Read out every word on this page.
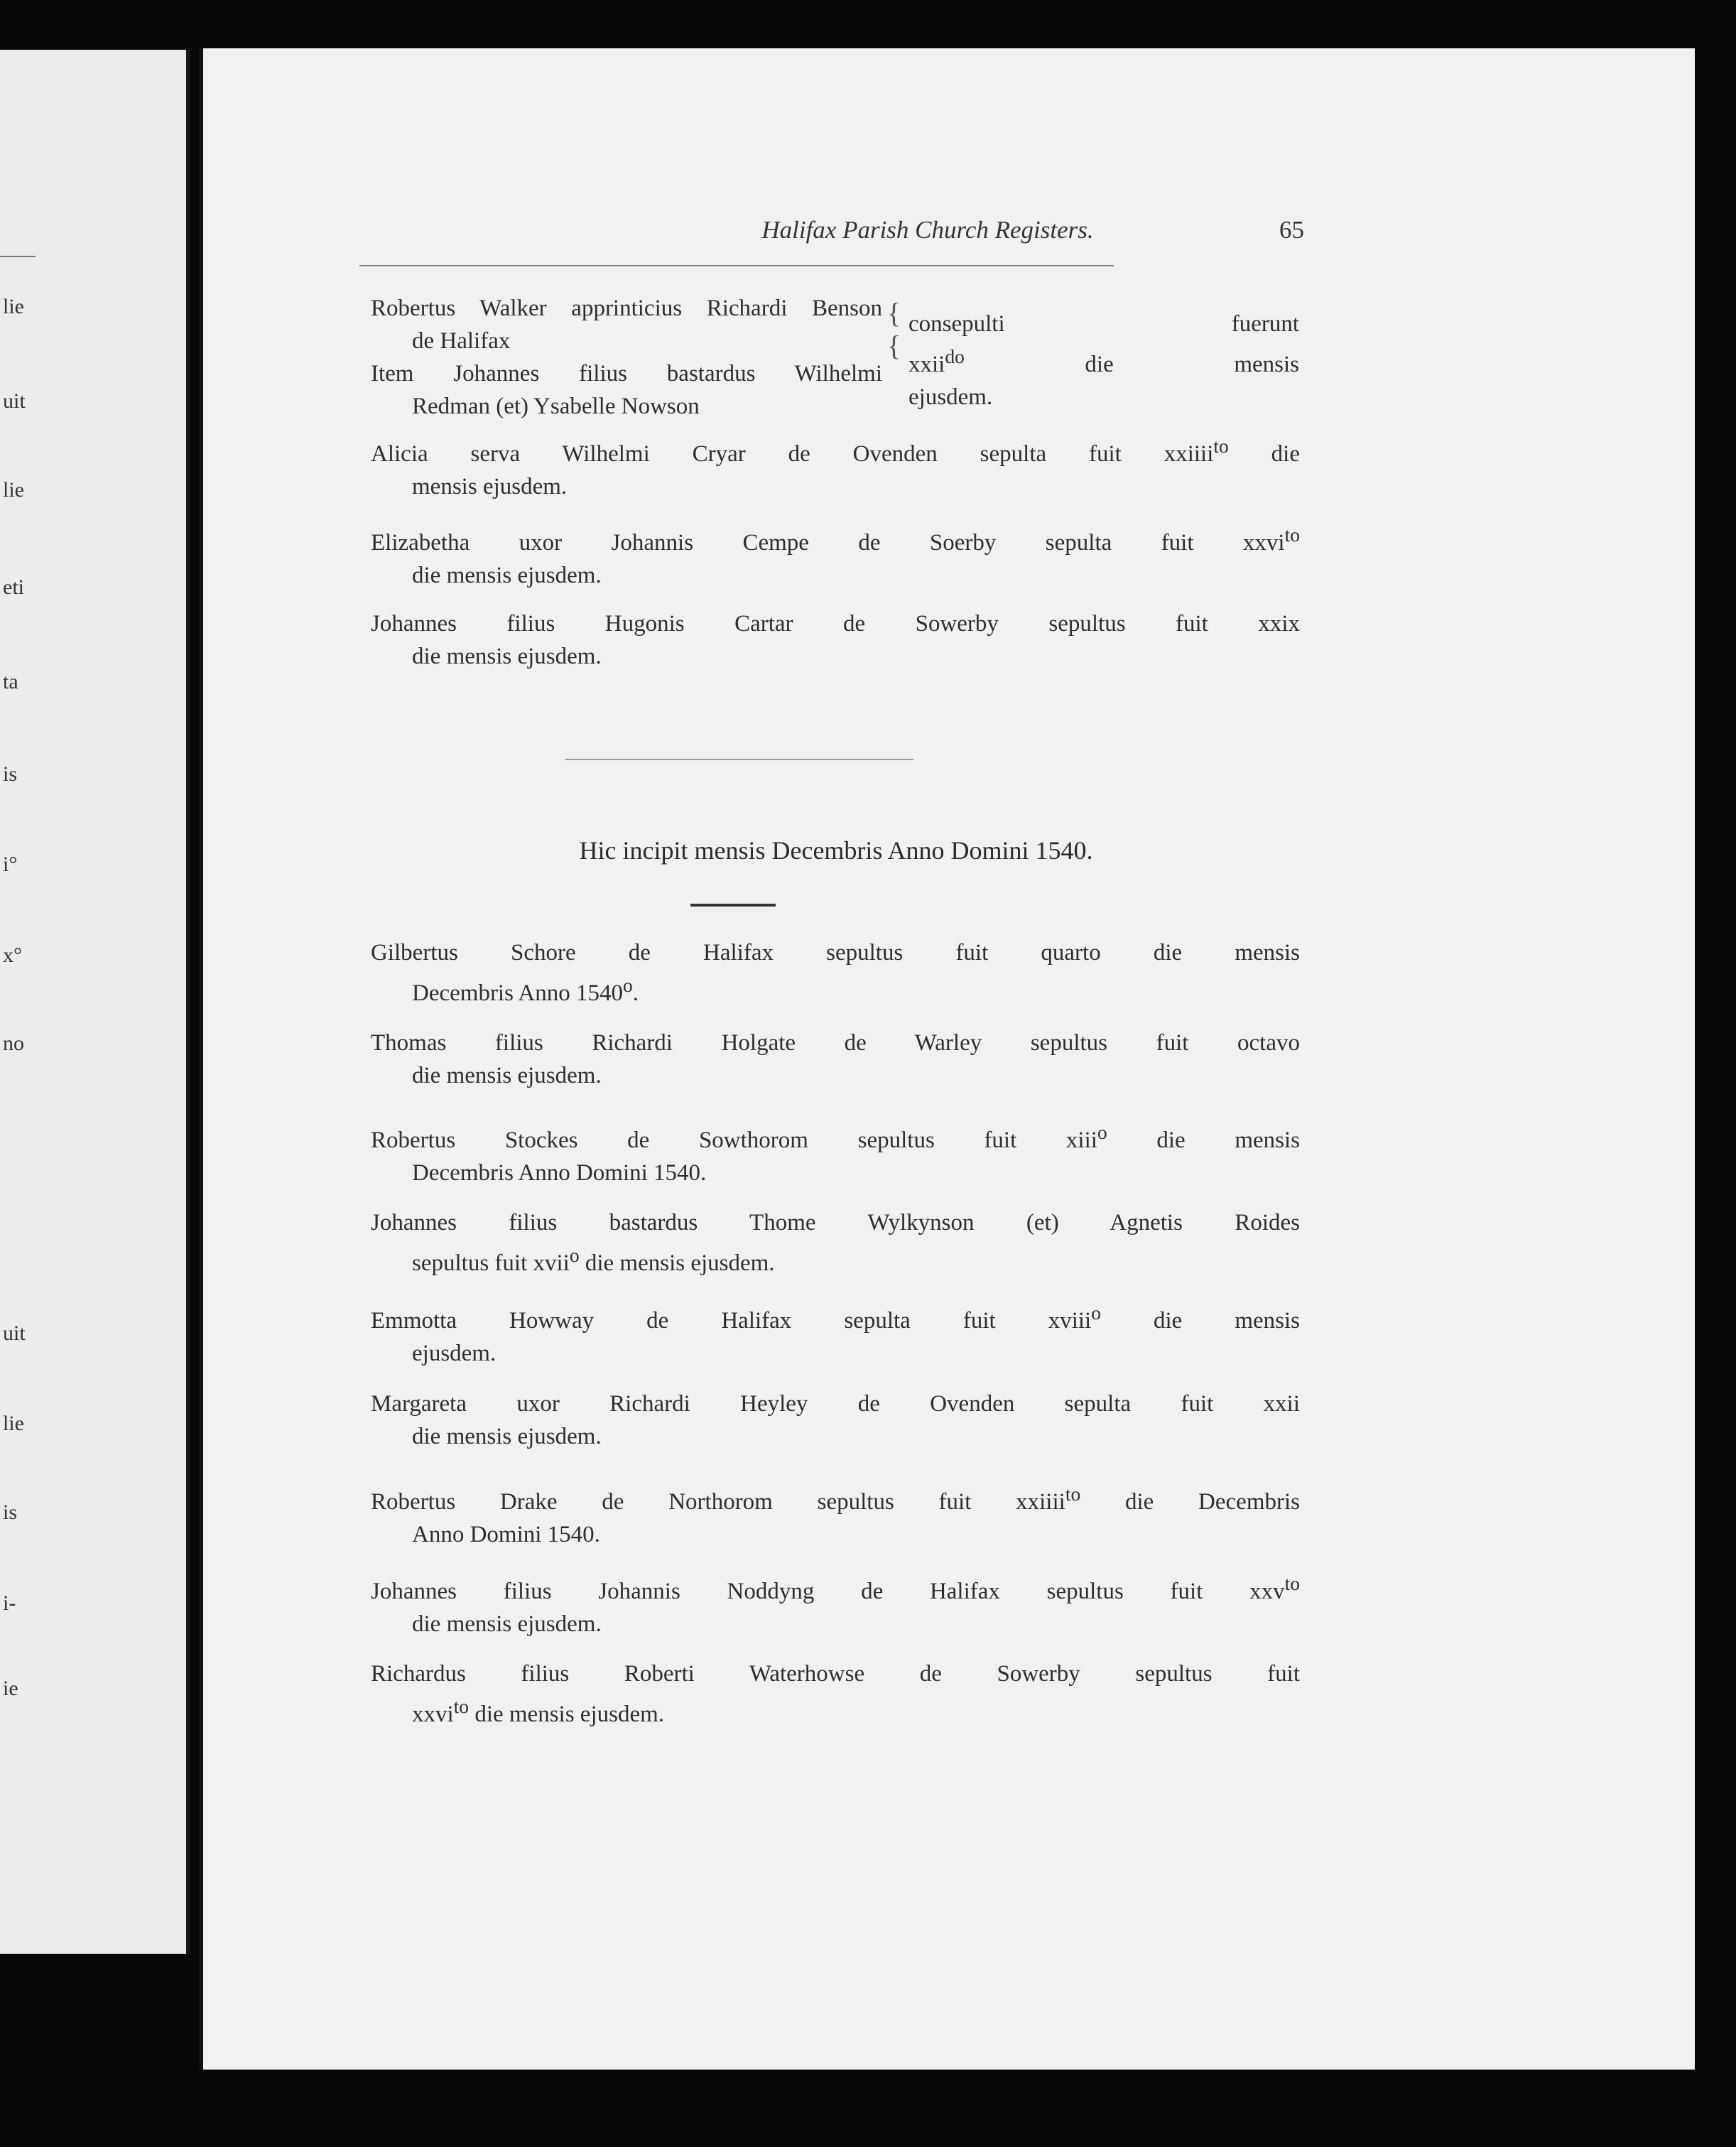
lie
uit
lie
eti
ta
is
i°
x°
no
uit
lie
is
i-
ie
Halifax Parish Church Registers.	65
Robertus Walker apprinticius Richardi Benson
de Halifax
Item Johannes filius bastardus Wilhelmi
Redman (et) Ysabelle Nowson
{
{
consepulti fuerunt
xxii$^{do}$ die mensis
ejusdem.

Alicia serva Wilhelmi Cryar de Ovenden sepulta fuit xxiiii$^{to}$ die

mensis ejusdem.

Elizabetha uxor Johannis Cempe de Soerby sepulta fuit xxvi$^{to}$

die mensis ejusdem.

Johannes filius Hugonis Cartar de Sowerby sepultus fuit xxix

die mensis ejusdem.

Hic incipit mensis Decembris Anno Domini 1540.

Gilbertus Schore de Halifax sepultus fuit quarto die mensis

Decembris Anno 1540$^o$.

Thomas filius Richardi Holgate de Warley sepultus fuit octavo

die mensis ejusdem.

Robertus Stockes de Sowthorom sepultus fuit xiii$^o$ die mensis

Decembris Anno Domini 1540.

Johannes filius bastardus Thome Wylkynson (et) Agnetis Roides

sepultus fuit xvii$^o$ die mensis ejusdem.

Emmotta Howway de Halifax sepulta fuit xviii$^o$ die mensis

ejusdem.

Margareta uxor Richardi Heyley de Ovenden sepulta fuit xxii

die mensis ejusdem.

Robertus Drake de Northorom sepultus fuit xxiiii$^{to}$ die Decembris

Anno Domini 1540.

Johannes filius Johannis Noddyng de Halifax sepultus fuit xxv$^{to}$

die mensis ejusdem.

Richardus filius Roberti Waterhowse de Sowerby sepultus fuit

xxvi$^{to}$ die mensis ejusdem.
